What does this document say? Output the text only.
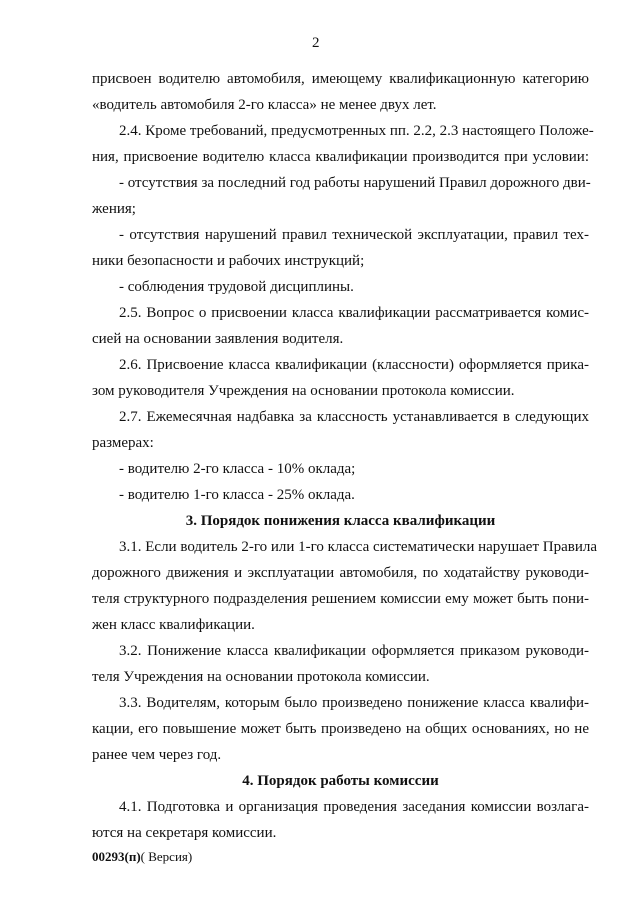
2
присвоен водителю автомобиля, имеющему квалификационную категорию
«водитель автомобиля 2-го класса» не менее двух лет.
2.4. Кроме требований, предусмотренных пп. 2.2, 2.3 настоящего Положе-
ния, присвоение водителю класса квалификации производится при условии:
- отсутствия за последний год работы нарушений Правил дорожного дви-
жения;
- отсутствия нарушений правил технической эксплуатации, правил тех-
ники безопасности и рабочих инструкций;
- соблюдения трудовой дисциплины.
2.5. Вопрос о присвоении класса квалификации рассматривается комис-
сией на основании заявления водителя.
2.6. Присвоение класса квалификации (классности) оформляется прика-
зом руководителя Учреждения на основании протокола комиссии.
2.7. Ежемесячная надбавка за классность устанавливается в следующих
размерах:
- водителю 2-го класса - 10% оклада;
- водителю 1-го класса - 25% оклада.
3. Порядок понижения класса квалификации
3.1. Если водитель 2-го или 1-го класса систематически нарушает Правила
дорожного движения и эксплуатации автомобиля, по ходатайству руководи-
теля структурного подразделения решением комиссии ему может быть пони-
жен класс квалификации.
3.2. Понижение класса квалификации оформляется приказом руководи-
теля Учреждения на основании протокола комиссии.
3.3. Водителям, которым было произведено понижение класса квалифи-
кации, его повышение может быть произведено на общих основаниях, но не
ранее чем через год.
4. Порядок работы комиссии
4.1. Подготовка и организация проведения заседания комиссии возлага-
ются на секретаря комиссии.
00293(п)( Версия)
